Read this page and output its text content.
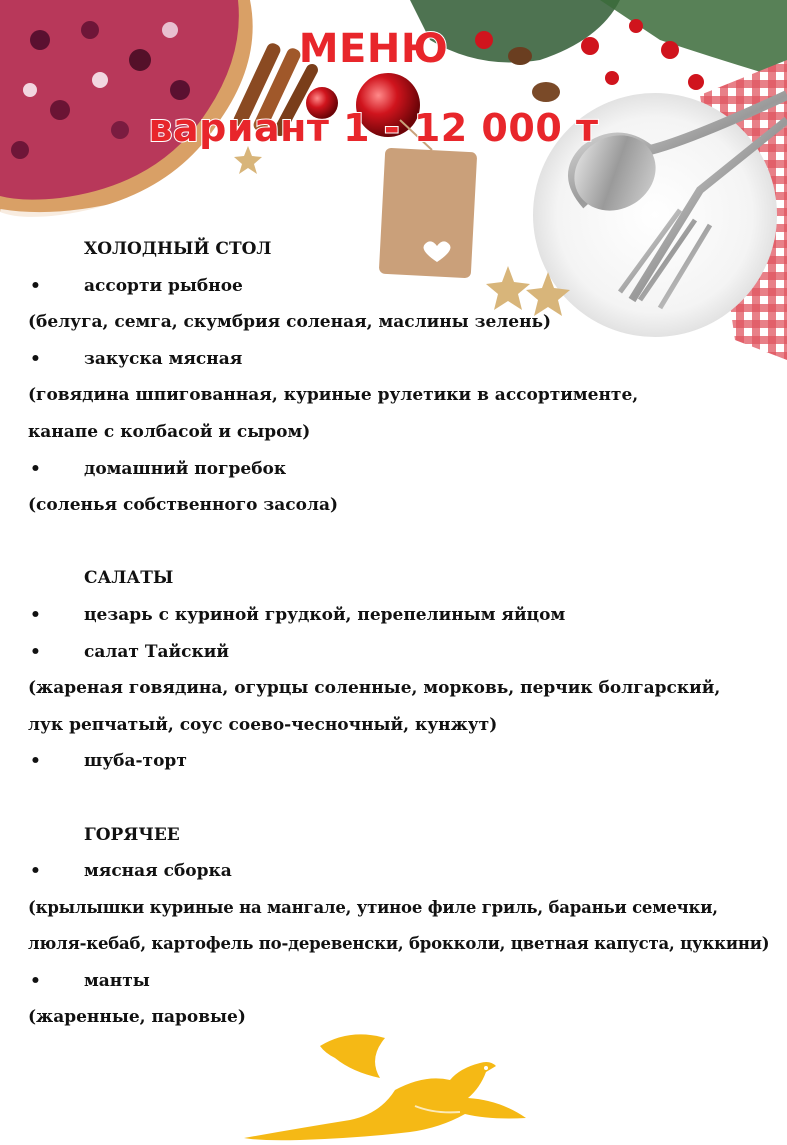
МЕНЮ
вариант 1 - 12 000 т
ХОЛОДНЫЙ СТОЛ
•	ассорти рыбное
(белуга, семга, скумбрия соленая, маслины зелень)
•	закуска мясная
(говядина шпигованная, куриные рулетики в ассортименте,
канапе с колбасой и сыром)
•	домашний погребок
(соленья собственного засола)
САЛАТЫ
•	цезарь с куриной грудкой, перепелиным яйцом
•	салат Тайский
(жареная говядина, огурцы соленные, морковь, перчик болгарский,
лук репчатый, соус соево-чесночный, кунжут)
•	шуба-торт
ГОРЯЧЕЕ
•	мясная сборка
(крылышки куриные на мангале, утиное филе гриль, бараньи семечки,
люля-кебаб, картофель по-деревенски, брокколи, цветная капуста, цуккини)
•	манты
(жаренные, паровые)
